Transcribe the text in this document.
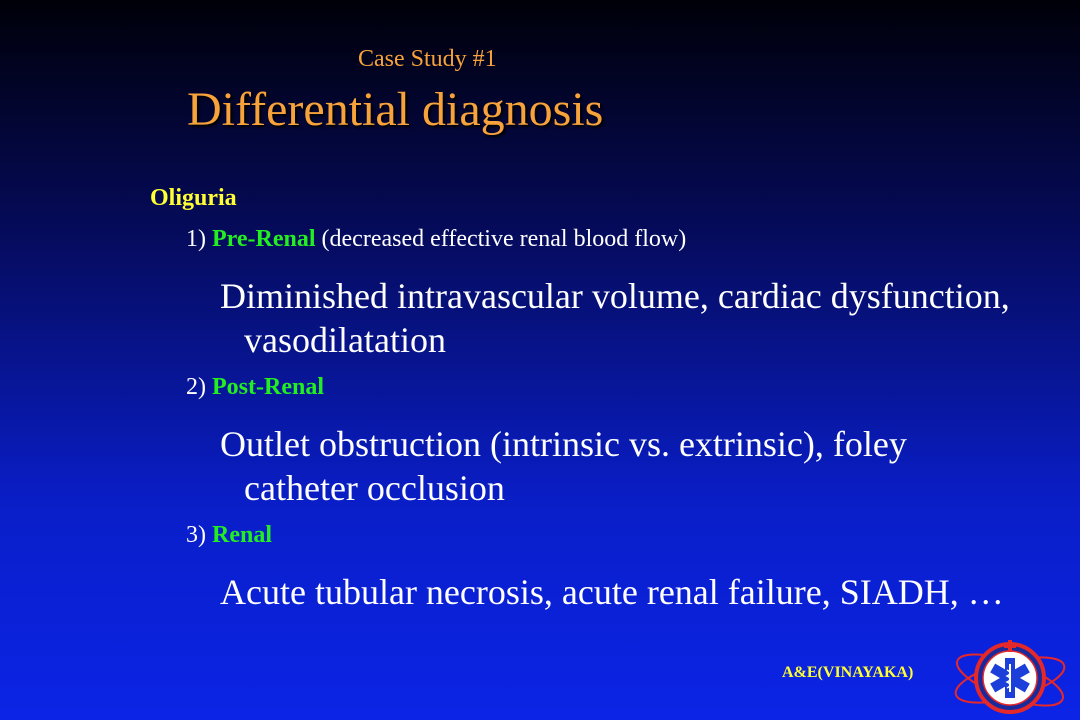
Case Study #1
Differential diagnosis
Oliguria
1) Pre-Renal (decreased effective renal blood flow)
Diminished intravascular volume, cardiac dysfunction, vasodilatation
2) Post-Renal
Outlet obstruction (intrinsic vs. extrinsic), foley catheter occlusion
3) Renal
Acute tubular necrosis, acute renal failure, SIADH, …
A&E(VINAYAKA)
